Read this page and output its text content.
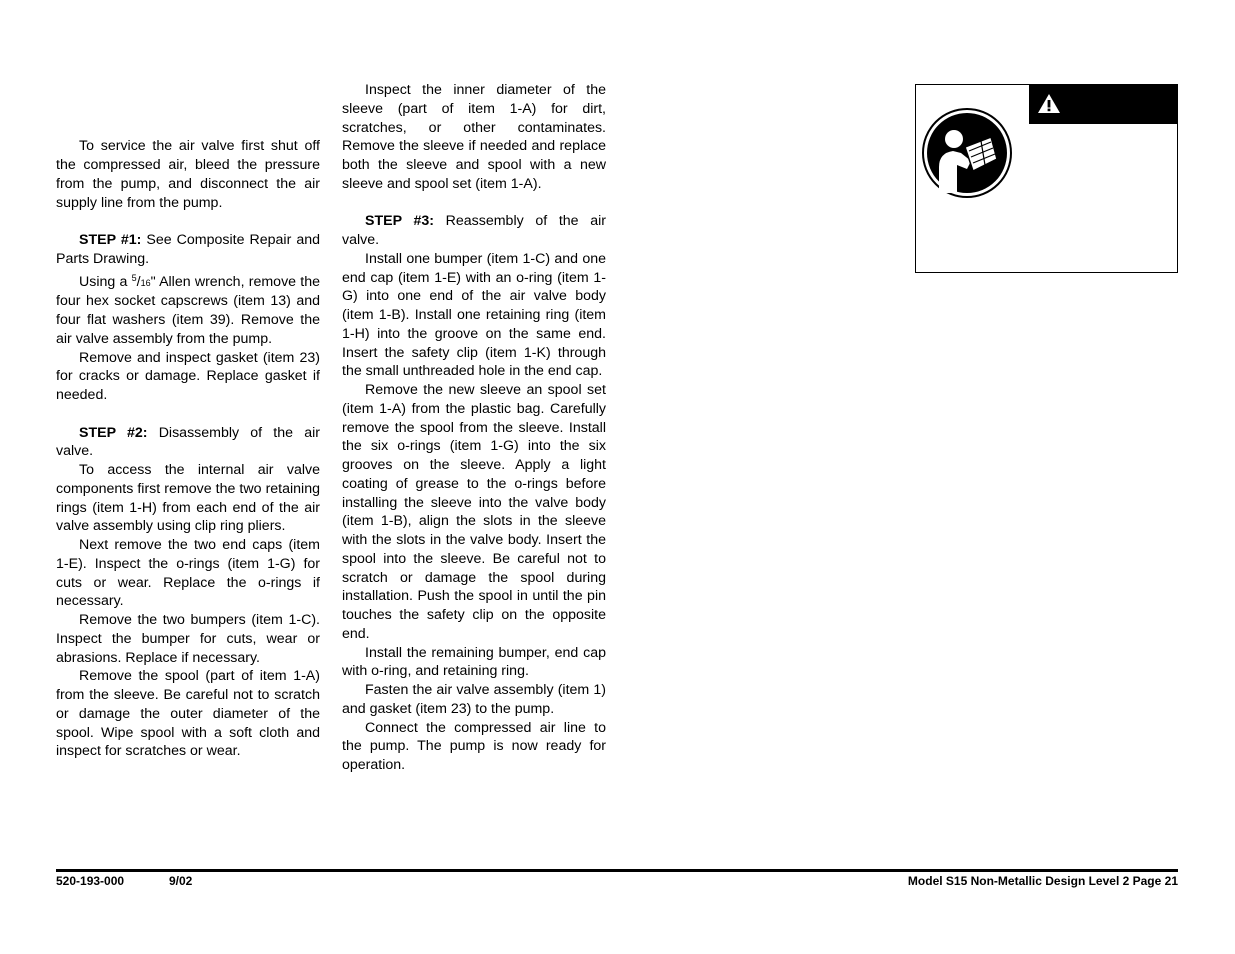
To service the air valve first shut off the compressed air, bleed the pressure from the pump, and disconnect the air supply line from the pump.

STEP #1: See Composite Repair and Parts Drawing.

Using a $^5$/16" Allen wrench, remove the four hex socket capscrews (item 13) and four flat washers (item 39). Remove the air valve assembly from the pump.

Remove and inspect gasket (item 23) for cracks or damage. Replace gasket if needed.

STEP #2: Disassembly of the air valve.

To access the internal air valve components first remove the two retaining rings (item 1-H) from each end of the air valve assembly using clip ring pliers.

Next remove the two end caps (item 1-E). Inspect the o-rings (item 1-G) for cuts or wear. Replace the o-rings if necessary.

Remove the two bumpers (item 1-C). Inspect the bumper for cuts, wear or abrasions. Replace if necessary.

Remove the spool (part of item 1-A) from the sleeve. Be careful not to scratch or damage the outer diameter of the spool. Wipe spool with a soft cloth and inspect for scratches or wear.

Inspect the inner diameter of the sleeve (part of item 1-A) for dirt, scratches, or other contaminates. Remove the sleeve if needed and replace both the sleeve and spool with a new sleeve and spool set (item 1-A).

STEP #3: Reassembly of the air valve.

Install one bumper (item 1-C) and one end cap (item 1-E) with an o-ring (item 1-G) into one end of the air valve body (item 1-B). Install one retaining ring (item 1-H) into the groove on the same end. Insert the safety clip (item 1-K) through the small unthreaded hole in the end cap.

Remove the new sleeve an spool set (item 1-A) from the plastic bag. Carefully remove the spool from the sleeve. Install the six o-rings (item 1-G) into the six grooves on the sleeve. Apply a light coating of grease to the o-rings before installing the sleeve into the valve body (item 1-B), align the slots in the sleeve with the slots in the valve body. Insert the spool into the sleeve. Be careful not to scratch or damage the spool during installation. Push the spool in until the pin touches the safety clip on the opposite end.

Install the remaining bumper, end cap with o-ring, and retaining ring.

Fasten the air valve assembly (item 1) and gasket (item 23) to the pump.

Connect the compressed air line to the pump. The pump is now ready for operation.

520-193-000	9/02	Model S15 Non-Metallic Design Level 2 Page 21
